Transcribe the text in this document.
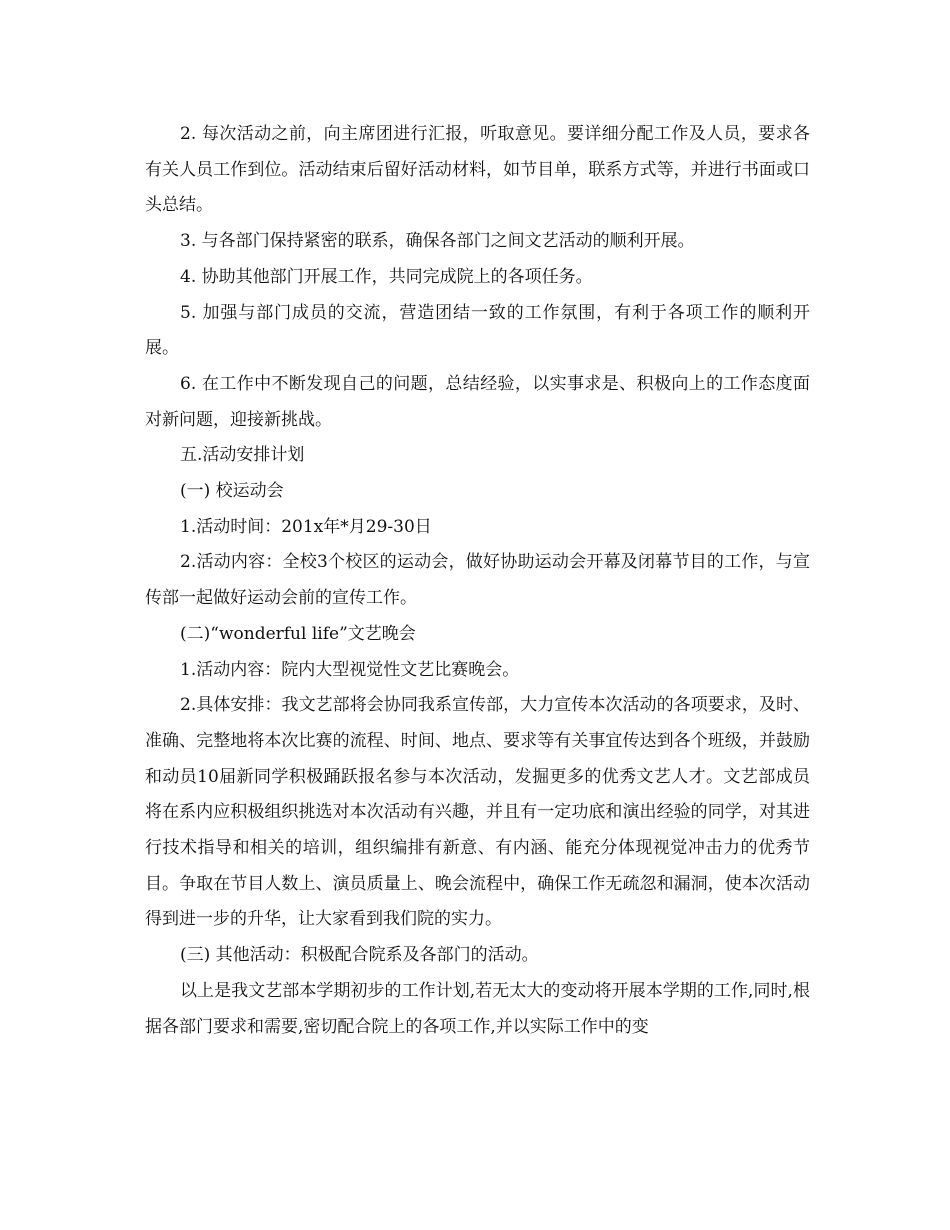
2. 每次活动之前，向主席团进行汇报，听取意见。要详细分配工作及人员，要求各有关人员工作到位。活动结束后留好活动材料，如节目单，联系方式等，并进行书面或口头总结。

3. 与各部门保持紧密的联系，确保各部门之间文艺活动的顺利开展。

4. 协助其他部门开展工作，共同完成院上的各项任务。

5. 加强与部门成员的交流，营造团结一致的工作氛围，有利于各项工作的顺利开展。

6. 在工作中不断发现自己的问题，总结经验，以实事求是、积极向上的工作态度面对新问题，迎接新挑战。

五.活动安排计划

(一) 校运动会

1.活动时间：201x年*月29-30日

2.活动内容：全校3个校区的运动会，做好协助运动会开幕及闭幕节目的工作，与宣传部一起做好运动会前的宣传工作。

(二)“wonderful life”文艺晚会

1.活动内容：院内大型视觉性文艺比赛晚会。

2.具体安排：我文艺部将会协同我系宣传部，大力宣传本次活动的各项要求，及时、准确、完整地将本次比赛的流程、时间、地点、要求等有关事宜传达到各个班级，并鼓励和动员10届新同学积极踊跃报名参与本次活动，发掘更多的优秀文艺人才。文艺部成员将在系内应积极组织挑选对本次活动有兴趣，并且有一定功底和演出经验的同学，对其进行技术指导和相关的培训，组织编排有新意、有内涵、能充分体现视觉冲击力的优秀节目。争取在节目人数上、演员质量上、晚会流程中，确保工作无疏忽和漏洞，使本次活动得到进一步的升华，让大家看到我们院的实力。

(三) 其他活动：积极配合院系及各部门的活动。

以上是我文艺部本学期初步的工作计划,若无太大的变动将开展本学期的工作,同时,根据各部门要求和需要,密切配合院上的各项工作,并以实际工作中的变
